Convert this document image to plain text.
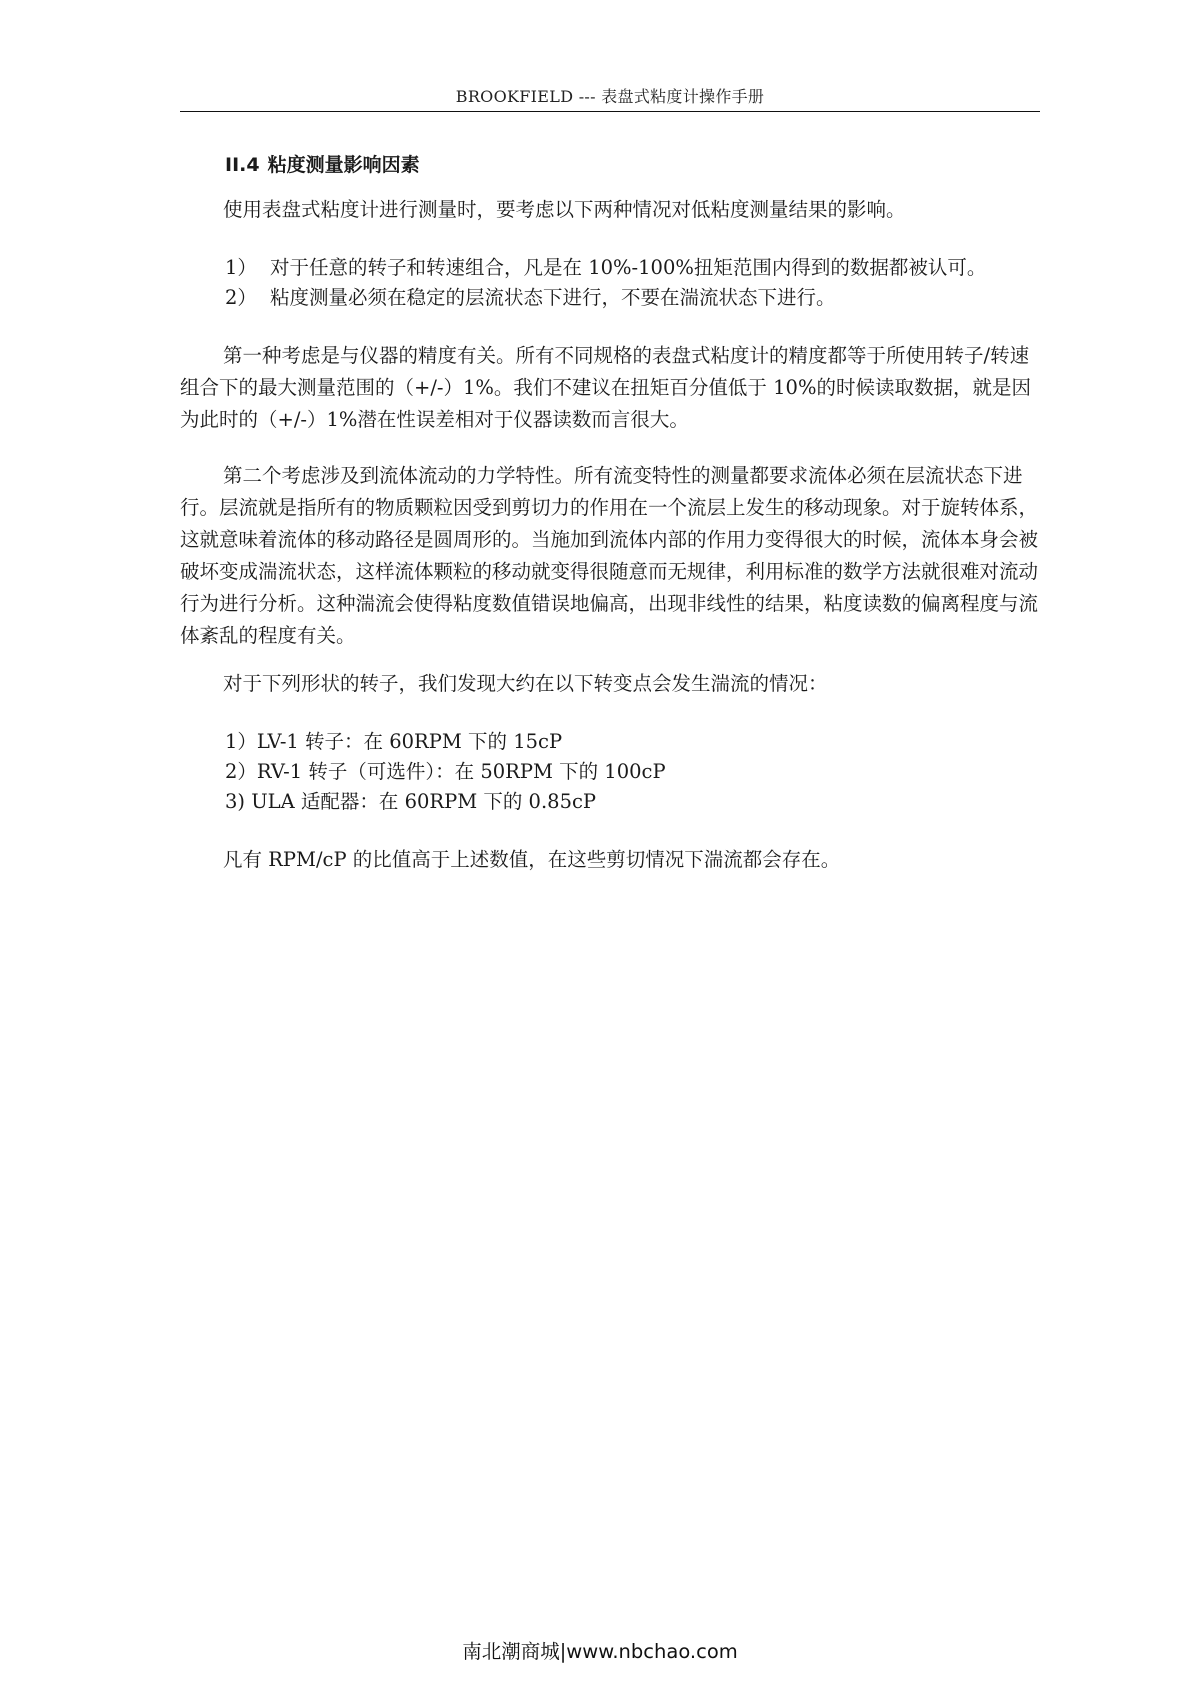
BROOKFIELD --- 表盘式粘度计操作手册
II.4 粘度测量影响因素

使用表盘式粘度计进行测量时，要考虑以下两种情况对低粘度测量结果的影响。

1） 对于任意的转子和转速组合，凡是在 10%-100%扭矩范围内得到的数据都被认可。
2） 粘度测量必须在稳定的层流状态下进行，不要在湍流状态下进行。

第一种考虑是与仪器的精度有关。所有不同规格的表盘式粘度计的精度都等于所使用转子/转速组合下的最大测量范围的（+/-）1%。我们不建议在扭矩百分值低于 10%的时候读取数据，就是因为此时的（+/-）1%潜在性误差相对于仪器读数而言很大。

第二个考虑涉及到流体流动的力学特性。所有流变特性的测量都要求流体必须在层流状态下进行。层流就是指所有的物质颗粒因受到剪切力的作用在一个流层上发生的移动现象。对于旋转体系，这就意味着流体的移动路径是圆周形的。当施加到流体内部的作用力变得很大的时候，流体本身会被破坏变成湍流状态，这样流体颗粒的移动就变得很随意而无规律，利用标准的数学方法就很难对流动行为进行分析。这种湍流会使得粘度数值错误地偏高，出现非线性的结果，粘度读数的偏离程度与流体紊乱的程度有关。

对于下列形状的转子，我们发现大约在以下转变点会发生湍流的情况：

1）LV-1 转子：在 60RPM 下的 15cP
2）RV-1 转子（可选件）：在 50RPM 下的 100cP
3) ULA 适配器：在 60RPM 下的 0.85cP

凡有 RPM/cP 的比值高于上述数值，在这些剪切情况下湍流都会存在。

南北潮商城|www.nbchao.com
